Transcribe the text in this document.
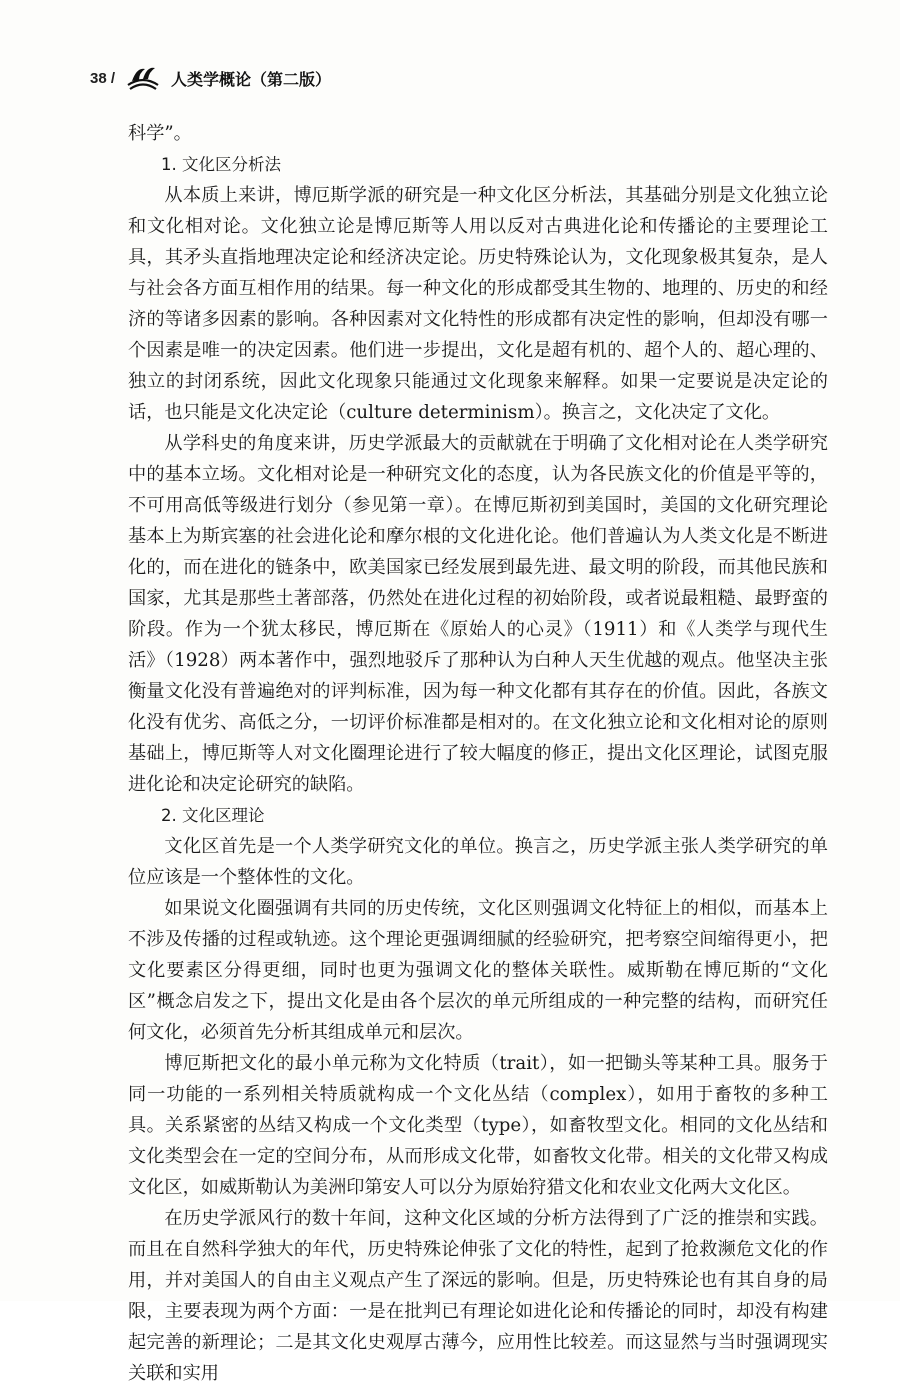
38 /	人类学概论（第二版）

科学”。

1. 文化区分析法

从本质上来讲，博厄斯学派的研究是一种文化区分析法，其基础分别是文化独立论和文化相对论。文化独立论是博厄斯等人用以反对古典进化论和传播论的主要理论工具，其矛头直指地理决定论和经济决定论。历史特殊论认为，文化现象极其复杂，是人与社会各方面互相作用的结果。每一种文化的形成都受其生物的、地理的、历史的和经济的等诸多因素的影响。各种因素对文化特性的形成都有决定性的影响，但却没有哪一个因素是唯一的决定因素。他们进一步提出，文化是超有机的、超个人的、超心理的、独立的封闭系统，因此文化现象只能通过文化现象来解释。如果一定要说是决定论的话，也只能是文化决定论（culture determinism）。换言之，文化决定了文化。

从学科史的角度来讲，历史学派最大的贡献就在于明确了文化相对论在人类学研究中的基本立场。文化相对论是一种研究文化的态度，认为各民族文化的价值是平等的，不可用高低等级进行划分（参见第一章）。在博厄斯初到美国时，美国的文化研究理论基本上为斯宾塞的社会进化论和摩尔根的文化进化论。他们普遍认为人类文化是不断进化的，而在进化的链条中，欧美国家已经发展到最先进、最文明的阶段，而其他民族和国家，尤其是那些土著部落，仍然处在进化过程的初始阶段，或者说最粗糙、最野蛮的阶段。作为一个犹太移民，博厄斯在《原始人的心灵》（1911）和《人类学与现代生活》（1928）两本著作中，强烈地驳斥了那种认为白种人天生优越的观点。他坚决主张衡量文化没有普遍绝对的评判标准，因为每一种文化都有其存在的价值。因此，各族文化没有优劣、高低之分，一切评价标准都是相对的。在文化独立论和文化相对论的原则基础上，博厄斯等人对文化圈理论进行了较大幅度的修正，提出文化区理论，试图克服进化论和决定论研究的缺陷。

2. 文化区理论

文化区首先是一个人类学研究文化的单位。换言之，历史学派主张人类学研究的单位应该是一个整体性的文化。

如果说文化圈强调有共同的历史传统，文化区则强调文化特征上的相似，而基本上不涉及传播的过程或轨迹。这个理论更强调细腻的经验研究，把考察空间缩得更小，把文化要素区分得更细，同时也更为强调文化的整体关联性。威斯勒在博厄斯的“文化区”概念启发之下，提出文化是由各个层次的单元所组成的一种完整的结构，而研究任何文化，必须首先分析其组成单元和层次。

博厄斯把文化的最小单元称为文化特质（trait），如一把锄头等某种工具。服务于同一功能的一系列相关特质就构成一个文化丛结（complex），如用于畜牧的多种工具。关系紧密的丛结又构成一个文化类型（type），如畜牧型文化。相同的文化丛结和文化类型会在一定的空间分布，从而形成文化带，如畜牧文化带。相关的文化带又构成文化区，如威斯勒认为美洲印第安人可以分为原始狩猎文化和农业文化两大文化区。

在历史学派风行的数十年间，这种文化区域的分析方法得到了广泛的推崇和实践。而且在自然科学独大的年代，历史特殊论伸张了文化的特性，起到了抢救濒危文化的作用，并对美国人的自由主义观点产生了深远的影响。但是，历史特殊论也有其自身的局限，主要表现为两个方面：一是在批判已有理论如进化论和传播论的同时，却没有构建起完善的新理论；二是其文化史观厚古薄今，应用性比较差。而这显然与当时强调现实关联和实用
